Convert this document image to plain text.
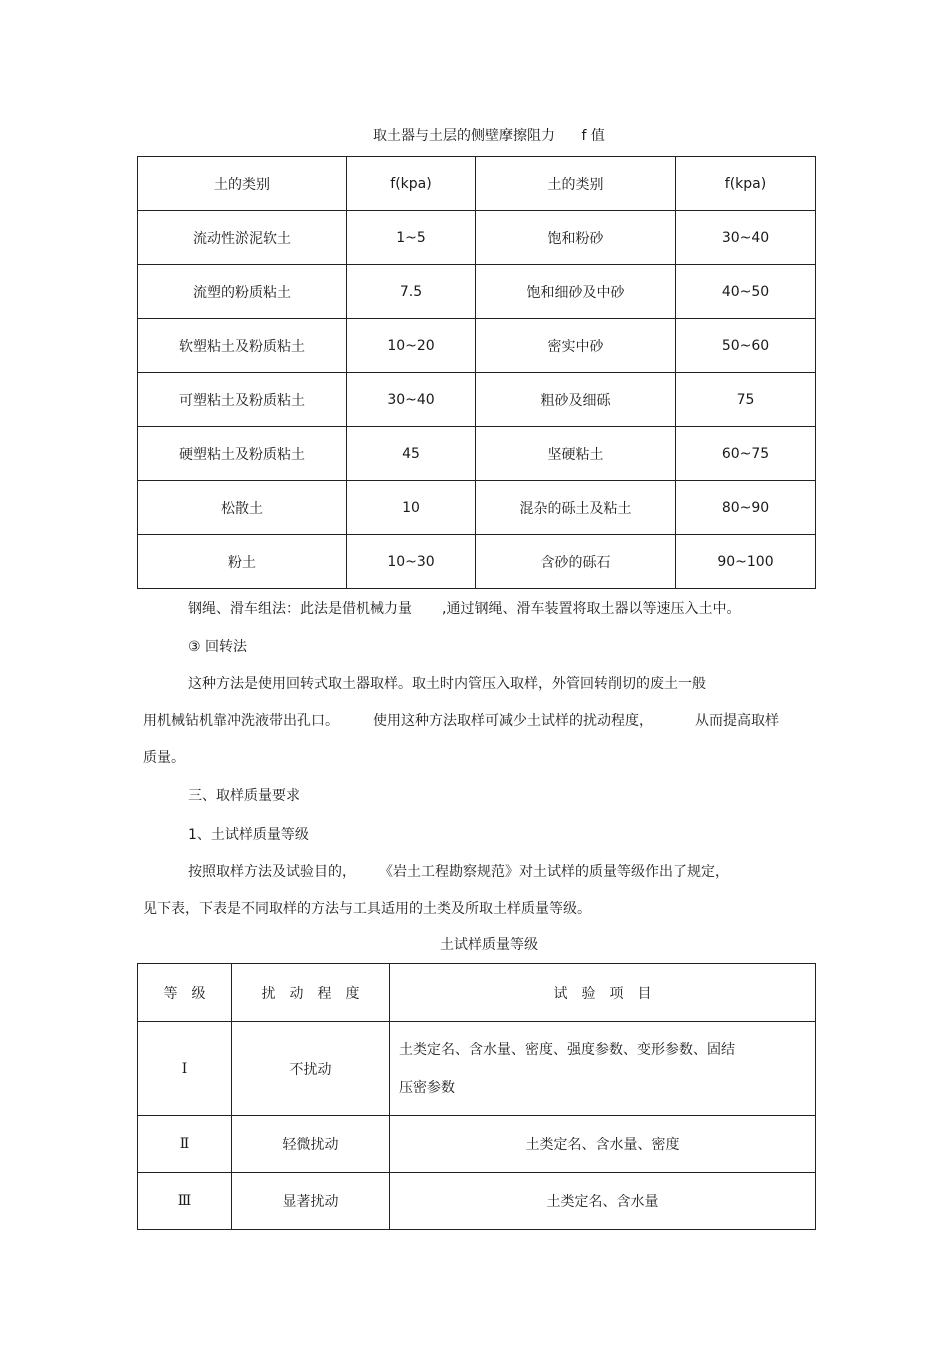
取土器与土层的侧壁摩擦阻力 f 值
土的类别	f(kpa)	土的类别	f(kpa)
流动性淤泥软土	1~5	饱和粉砂	30~40
流塑的粉质粘土	7.5	饱和细砂及中砂	40~50
软塑粘土及粉质粘土	10~20	密实中砂	50~60
可塑粘土及粉质粘土	30~40	粗砂及细砾	75
硬塑粘土及粉质粘土	45	坚硬粘土	60~75
松散土	10	混杂的砾土及粘土	80~90
粉土	10~30	含砂的砾石	90~100
钢绳、滑车组法：此法是借机械力量 ,通过钢绳、滑车装置将取土器以等速压入土中。
③ 回转法
这种方法是使用回转式取土器取样。取土时内管压入取样，外管回转削切的废土一般
用机械钻机靠冲洗液带出孔口。 使用这种方法取样可减少土试样的扰动程度，	从而提高取样
质量。
三、取样质量要求
1、土试样质量等级
按照取样方法及试验目的， 《岩土工程勘察规范》对土试样的质量等级作出了规定，
见下表，下表是不同取样的方法与工具适用的土类及所取土样质量等级。
土试样质量等级
等　级	扰　动　程　度	试　验　项　目
Ⅰ	不扰动	土类定名、含水量、密度、强度参数、变形参数、固结
压密参数

Ⅱ	轻微扰动	土类定名、含水量、密度
Ⅲ	显著扰动	土类定名、含水量
